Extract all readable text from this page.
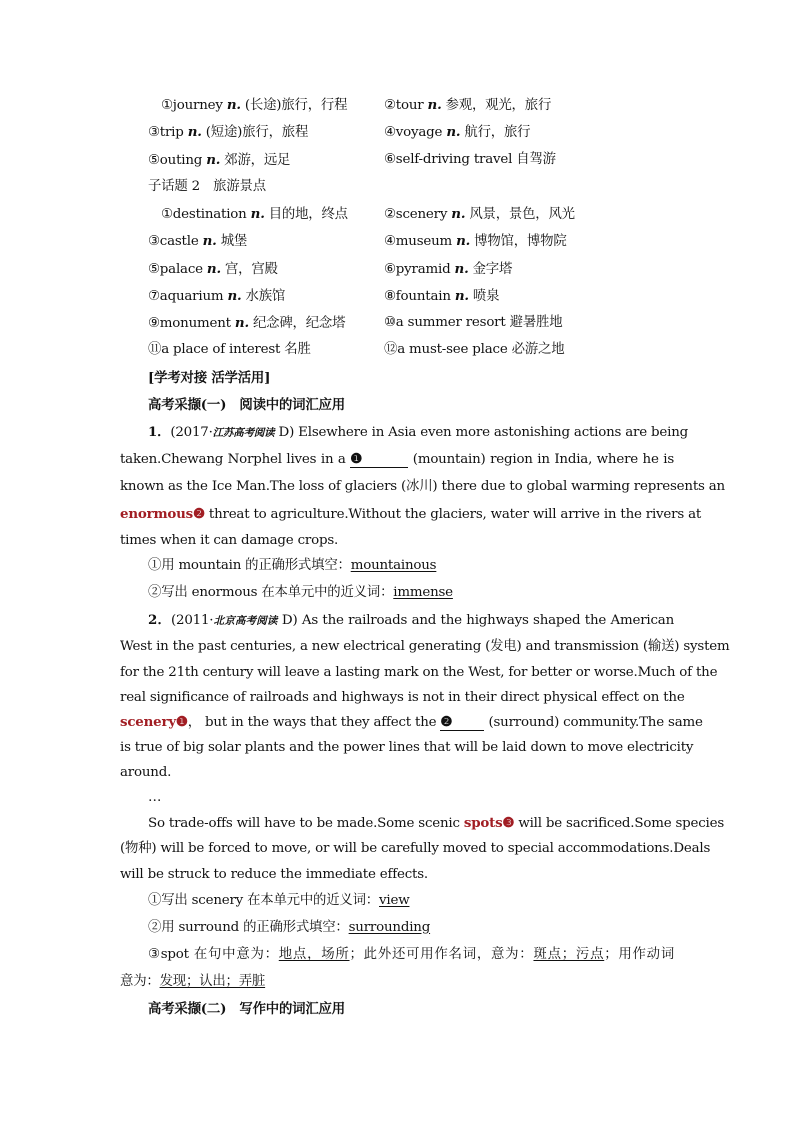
①journey n. (长途)旅行，行程	②tour n. 参观，观光，旅行
③trip n. (短途)旅行，旅程	④voyage n. 航行，旅行
⑤outing n. 郊游，远足	⑥self-driving travel 自驾游
子话题 2　旅游景点
①destination n. 目的地，终点	②scenery n. 风景，景色，风光
③castle n. 城堡	④museum n. 博物馆，博物院
⑤palace n. 宫，宫殿	⑥pyramid n. 金字塔
⑦aquarium n. 水族馆	⑧fountain n. 喷泉
⑨monument n. 纪念碑，纪念塔	⑩a summer resort 避暑胜地
⑪a place of interest 名胜	⑫a must-see place 必游之地
[学考对接 活学活用]
高考采撷(一)　阅读中的词汇应用
1．(2017·江苏高考阅读 D) Elsewhere in Asia even more astonishing actions are being
taken.Chewang Norphel lives in a ❶	(mountain) region in India, where he is
known as the Ice Man.The loss of glaciers (冰川) there due to global warming represents an
enormous❷ threat to agriculture.Without the glaciers, water will arrive in the rivers at
times when it can damage crops.
①用 mountain 的正确形式填空：mountainous
②写出 enormous 在本单元中的近义词：immense
2．(2011·北京高考阅读 D) As the railroads and the highways shaped the American
West in the past centuries, a new electrical generating (发电) and transmission (输送) system
for the 21th century will leave a lasting mark on the West, for better or worse.Much of the
real significance of railroads and highways is not in their direct physical effect on the
scenery❶， but in the ways that they affect the ❷	(surround) community.The same
is true of big solar plants and the power lines that will be laid down to move electricity
around.
…
So trade-offs will have to be made.Some scenic spots❸ will be sacrificed.Some species
(物种) will be forced to move, or will be carefully moved to special accommodations.Deals
will be struck to reduce the immediate effects.
①写出 scenery 在本单元中的近义词：view
②用 surround 的正确形式填空：surrounding
③spot 在句中意为：地点，场所；此外还可用作名词，意为：斑点；污点；用作动词
意为：发现；认出；弄脏
高考采撷(二)　写作中的词汇应用
